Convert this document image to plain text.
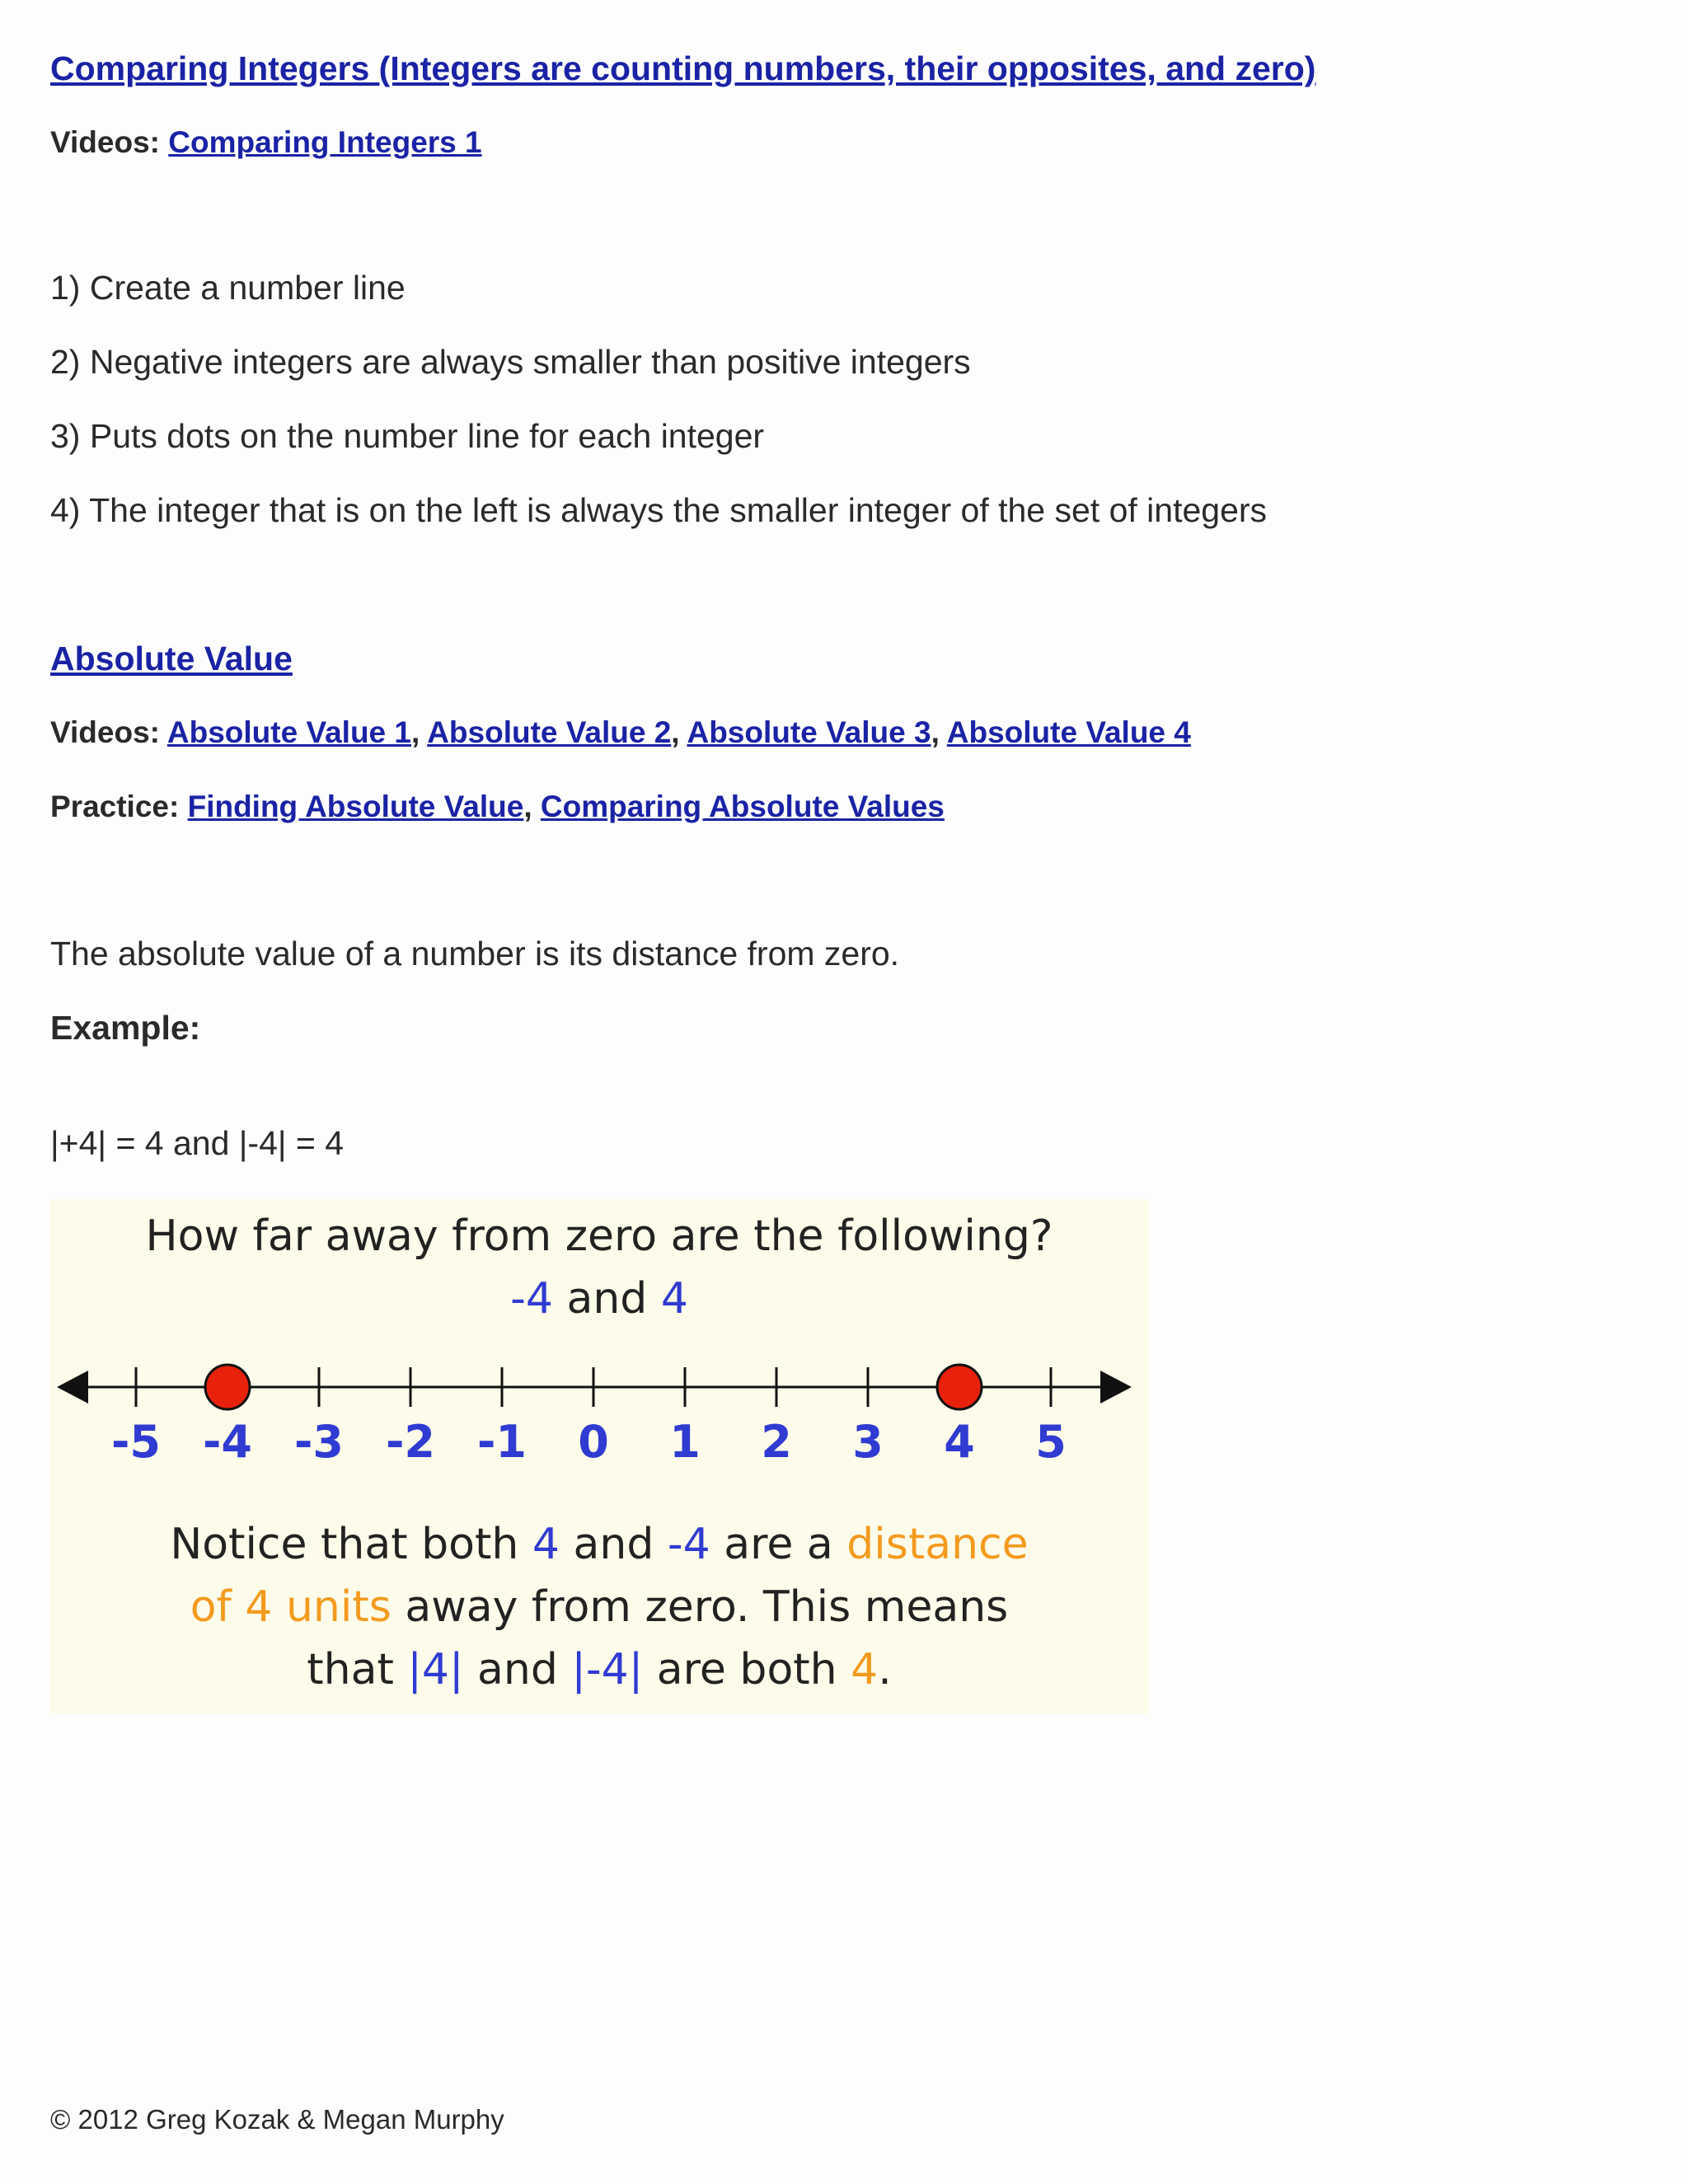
Comparing Integers (Integers are counting numbers, their opposites, and zero)
Videos: Comparing Integers 1
1) Create a number line
2) Negative integers are always smaller than positive integers
3) Puts dots on the number line for each integer
4) The integer that is on the left is always the smaller integer of the set of integers
Absolute Value
Videos: Absolute Value 1, Absolute Value 2, Absolute Value 3, Absolute Value 4
Practice: Finding Absolute Value, Comparing Absolute Values
The absolute value of a number is its distance from zero.
Example:
|+4| = 4 and |-4| = 4
How far away from zero are the following?
-4 and 4
-5 -4 -3 -2 -1 0 1 2 3 4 5
Notice that both 4 and -4 are a distance
of 4 units away from zero. This means
that |4| and |-4| are both 4.
© 2012 Greg Kozak & Megan Murphy
